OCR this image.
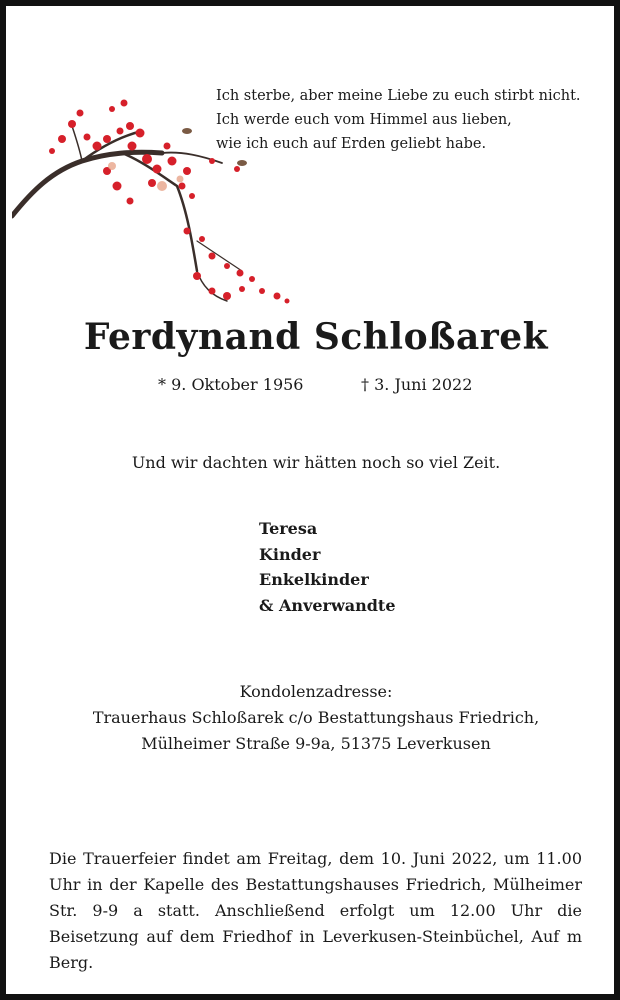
Ich sterbe, aber meine Liebe zu euch stirbt nicht.
Ich werde euch vom Himmel aus lieben,
wie ich euch auf Erden geliebt habe.
Ferdynand Schloßarek
* 9. Oktober 1956	† 3. Juni 2022
Und wir dachten wir hätten noch so viel Zeit.
Teresa
Kinder
Enkelkinder
& Anverwandte
Kondolenzadresse:
Trauerhaus Schloßarek c/o Bestattungshaus Friedrich,
Mülheimer Straße 9-9a, 51375 Leverkusen
Die Trauerfeier findet am Freitag, dem 10. Juni 2022, um 11.00 Uhr in der Kapelle des Bestattungshauses Friedrich, Mülheimer Str. 9-9 a statt. Anschließend erfolgt um 12.00 Uhr die Beisetzung auf dem Friedhof in Leverkusen-Steinbüchel, Auf m Berg.
